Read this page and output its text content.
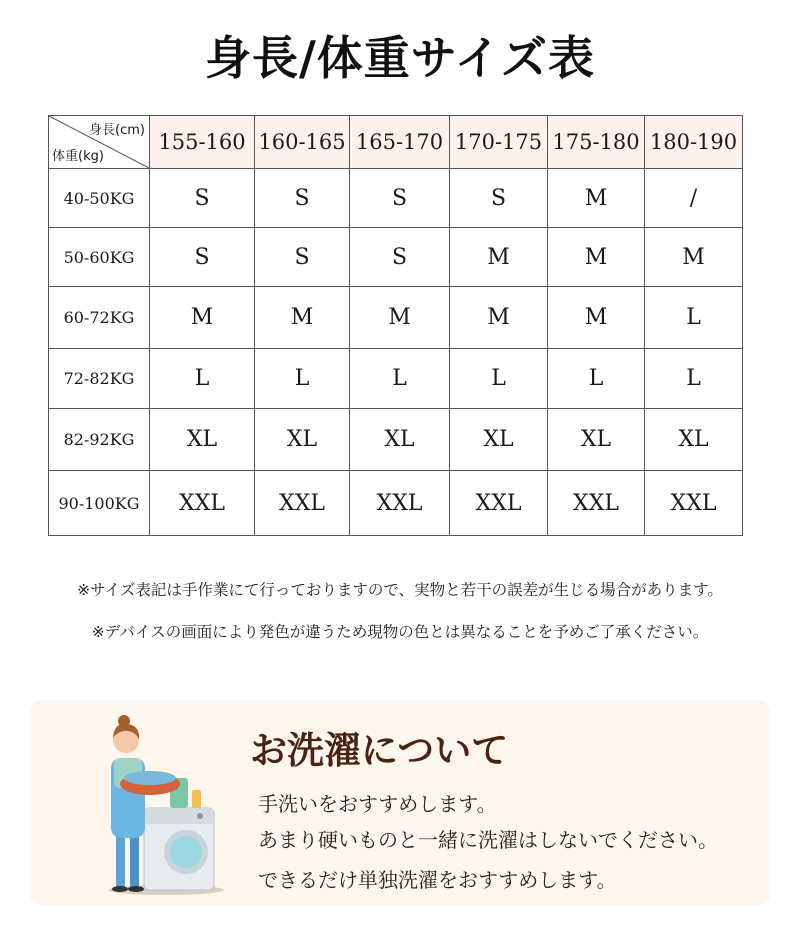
身長/体重サイズ表
身長(cm)
体重(kg)	155-160	160-165	165-170	170-175	175-180	180-190
40-50KG	S	S	S	S	M	/
50-60KG	S	S	S	M	M	M
60-72KG	M	M	M	M	M	L
72-82KG	L	L	L	L	L	L
82-92KG	XL	XL	XL	XL	XL	XL
90-100KG	XXL	XXL	XXL	XXL	XXL	XXL
※サイズ表記は手作業にて行っておりますので、実物と若干の誤差が生じる場合があります。
※デバイスの画面により発色が違うため現物の色とは異なることを予めご了承ください。
お洗濯について
手洗いをおすすめします。
あまり硬いものと一緒に洗濯はしないでください。
できるだけ単独洗濯をおすすめします。
